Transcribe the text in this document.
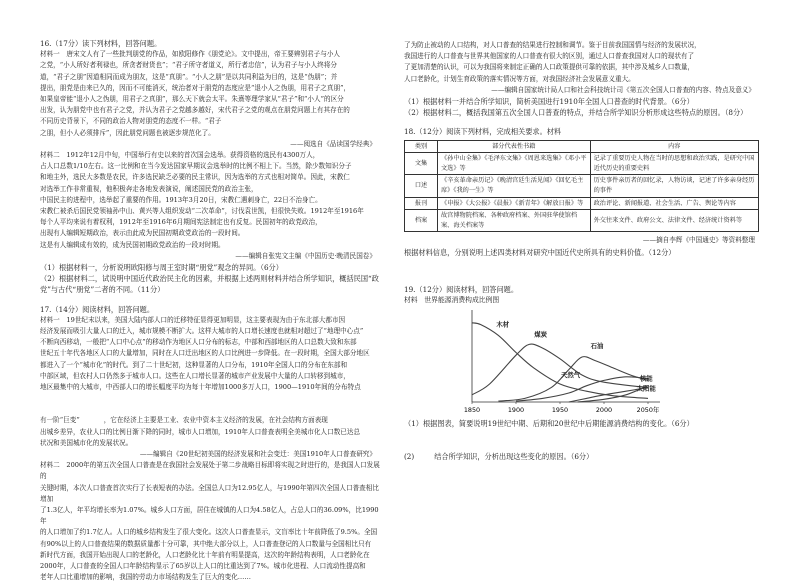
16.（17分）读下列材料，回答问题。
材料一　唐宋文人有了一些批判朋党的作品，如欧阳修作《朋党论》。文中提出，帝王要辨别君子与小人
之党，“小人所好者利禄也，所贪者财货也”；“君子所守者道义，所行者忠信”，认为君子与小人终将分
道，“君子之朋”因道相同而成为朋友，这是“真朋”。“小人之朋”是以共同利益为目的，这是“伪朋”；并
提出，朋党是由来已久的，因而不可能消灭，统治者对于朋党的态度应是“退小人之伪朋，用君子之真朋”，
如果皇帝能“退小人之伪朋，用君子之真朋”，那么天下就会太平。朱熹等理学家从“君子”和“小人”的区分
出发，认为朋党中也有君子之党，并认为君子之党越多越好，宋代君子之党的观点在朋党问题上有其存在的
不同历史背景下，不同的政治人物对朋党的态度不一样。“君子
之朋，但小人必须排斥”，因此朋党问题也被逐步规范化了。
——阅选自《品读国学经典》
材料二　1912年12月中旬，中国举行有史以来的首次国会选举。获得资格的选民有4300万人，
占人口总数1/10左右。这一比例和在当今发达国家早期议会选举时的比例不相上下。当然，除少数知识分子
和地主外，选民大多数是农民，许多选民缺乏必要的民主常识，因为选举的方式也相对简单。因此，宋教仁
对选举工作非常重视，他积极奔走各地发表演说，阐述国民党的政治主张，
中国民主的进程中，选举起了重要的作用。1913年3月20日，宋教仁遇刺身亡，22日不治身亡。
宋教仁被杀后国民党领袖孙中山、黄兴等人组织发动“二次革命”，讨伐袁世凯，但很快失败。1912年至1916年
每个人平均来说有着权利，1912年至1916年6月期间宪法制定也有反复。民国初年的政党政治，
出现有人编辑短期政治，表示由此成为民国初期政党政治的一段时间。
这是有人编辑成有效的，成为民国初期政党政治的一段对时期。
——编辑自张宪文主编《中国历史·晚清民国卷》
（1）根据材料一，分析说明欧阳修与周王室时期“朋党”观念的异同。（6分）
（2）根据材料二，试说明中国近代政治民主化的因素，并根据上述两则材料并结合所学知识，概括民国“政
党”与古代“朋党”二者的不同。（11分）
17.（14分）阅读材料，回答问题。
材料一　19世纪末以来，美国大陆内部人口的迁移特征显得更加明显，这主要表现为由于东北部大都市因
经济发展而吸引大量人口的迁入，城市规模不断扩大。这样大城市的人口增长速度也就相对超过了“地理中心点”
不断向西移动，一般把“人口中心点”的移动作为地区人口分布的标志，中部和西部地区的人口总数大致和东部
世纪五十年代各地区人口的大量增加，同时在人口迁出地区的人口比例进一步降低。在一段时期，全国大部分地区
都进入了一个“城市化”的时代。到了二十世纪初，这种显著的人口分布，1910年全国人口的分布在东部和
中部区域，但农村人口仍然多于城市人口。这些在人口增长显著的城市产业发展中大量的人口转移到城市，
地区最集中的大城市，中西部人口的增长幅度平均为每十年增加1000多万人口，1900—1910年间的分布特点
有一阶“巨变”	，它在经济上主要是工业、农业中资本主义经济的发展，在社会结构方面表现
出城乡差异，农业人口的比例日渐下降的同时，城市人口增加，1910年人口普查表明全美城市化人口数已达总
状况和美国城市化的发展状况。
——编辑自《20世纪初美国的经济发展和社会变迁：美国1910年人口普查研究》
材料二　2000年的第五次全国人口普查是在我国社会发展处于第二步战略目标即将实现之时进行的，是我国人口发展的
关键时期，本次人口普查首次实行了长表短表的办法。全国总人口为12.95亿人，与1990年第四次全国人口普查相比增加
了1.3亿人，年平均增长率为1.07%。城乡人口方面，居住在城镇的人口为4.58亿人，占总人口的36.09%，比1990年
的人口增加了约1.7亿人。人口的城乡结构发生了很大变化。这次人口普查显示，文盲率比十年前降低了9.5%。全国
有90%以上的人口普查结果的数据质量都十分可靠，其中绝大部分以上，人口普查登记的人口数量与全国相比只有
新时代方面，我国开始出现人口的老龄化，人口老龄化比十年前有明显提高，这次的年龄结构表明，人口老龄化在
2000年，人口普查的全国人口年龄结构显示了65岁以上人口的比重达到了7%。城市化进程、人口流动性提高和
老年人口比重增加的影响，我国的劳动力市场结构发生了巨大的变化……
了为防止被动的人口结构，对人口普查的结果进行控制和调节。鉴于目前我国国情与经济的发展状况，
我国进行的人口普查与世界其他国家的人口普查有很大的区别，通过人口普查我国对人口的现状有了
了更加清楚的认识，可以为我国将来制定正确的人口政策提供可靠的依据，其中涉及城乡人口数量，
人口老龄化，计划生育政策的落实情况等方面，对我国经济社会发展意义重大。
——编辑自国家统计局人口和社会科技统计司《第五次全国人口普查的内容、特点及意义》
（1）根据材料一并结合所学知识，简析美国进行1910年全国人口普查的时代背景。（6分）
（2）根据材料二，概括我国第五次全国人口普查的特点，并结合所学知识分析形成这些特点的原因。（8分）
18.（12分）阅读下列材料，完成相关要求。材料
类别	部分代表性书籍	内容
文集	《孙中山全集》《毛泽东文集》《周恩来选集》《邓小平文选》等	记录了重要历史人物在当时的思想和政治实践，是研究中国近代历史的重要史料
口述	《辛亥革命亲历记》《晚清宫廷生活见闻》《回忆毛主席》《我的一生》等	历史事件亲历者的回忆录，人物访谈，记述了许多亲身经历的事件
报刊	《申报》《大公报》《晨报》《新青年》《解放日报》等	政治评论、新闻报道、社会生活、广告、舆论等内容
档案	故宫博物院档案、各种政府档案、外国驻华使馆档案、海关档案等	外交往来文件、政府公文、法律文件、经济统计资料等
——摘自李辉《中国通史》等资料整理
根据材料信息，分别说明上述四类材料对研究中国近代史所具有的史料价值。（12分）
19.（12分）阅读材料，回答问题。
材料　世界能源消费构成比例图
1850	1900	1950	2000	2050年
木材
煤炭
石油
天然气	核能
太阳能
（1）根据图表，简要说明19世纪中期、后期和20世纪中后期能源消费结构的变化。（6分）
(2)	结合所学知识，分析出现这些变化的原因。（6分）
